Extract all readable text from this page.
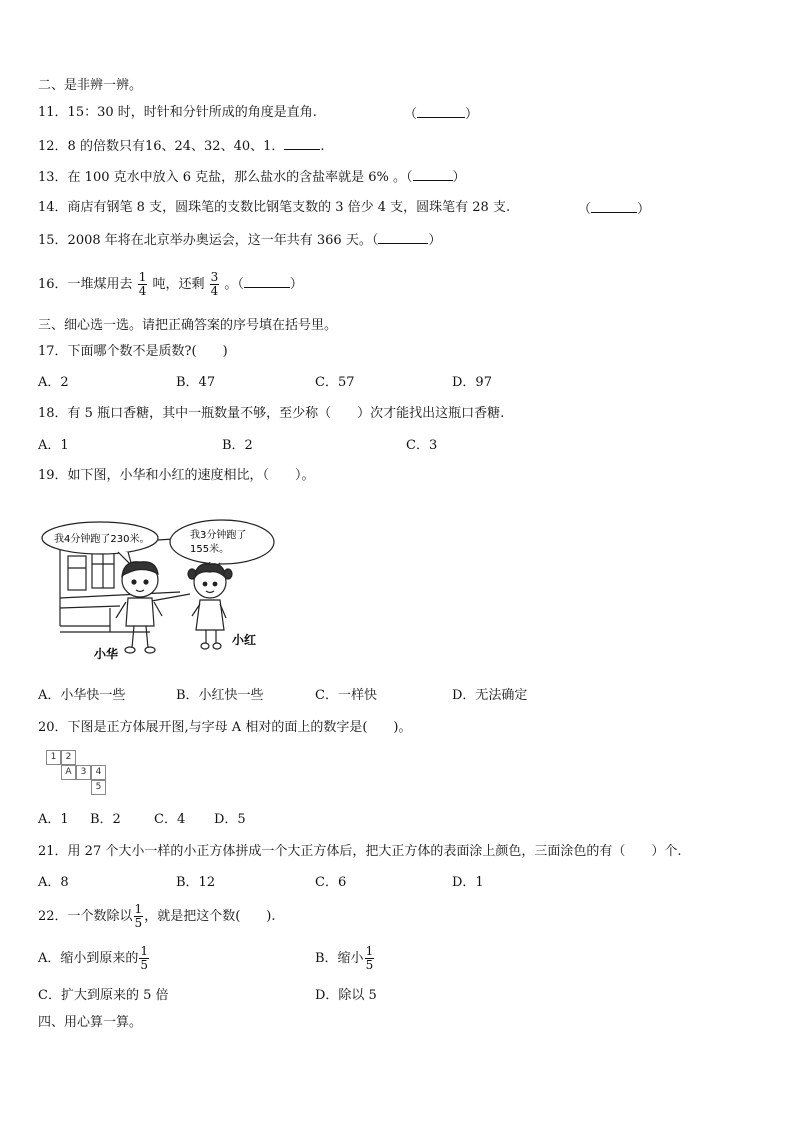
二、是非辨一辨。
11．15：30 时，时针和分针所成的角度是直角.	（	）
12．8 的倍数只有16、24、32、40、1．	.
13．在 100 克水中放入 6 克盐，那么盐水的含盐率就是 6% 。（	）
14．商店有钢笔 8 支，圆珠笔的支数比钢笔支数的 3 倍少 4 支，圆珠笔有 28 支.	（	）
15．2008 年将在北京举办奥运会，这一年共有 366 天。（	）
16．一堆煤用去 $\frac{1}{4}$ 吨，还剩 $\frac{3}{4}$ 。（	）
三、细心选一选。请把正确答案的序号填在括号里。
17．下面哪个数不是质数?(　　)
A．2	B．47	C．57	D．97
18．有 5 瓶口香糖，其中一瓶数量不够，至少称（　　）次才能找出这瓶口香糖.
A．1	B．2	C．3
19．如下图，小华和小红的速度相比，（　　）。
我4分钟跑了230米。	我3分钟跑了
155米。
小华
小红
A．小华快一些	B．小红快一些	C．一样快	D．无法确定
20．下图是正方体展开图,与字母 A 相对的面上的数字是(　　)。
1	2
A	3	4
5
A．1 B．2	C．4 D．5
21．用 27 个大小一样的小正方体拼成一个大正方体后，把大正方体的表面涂上颜色，三面涂色的有（　　）个.
A．8	B．12	C．6	D．1
22．一个数除以 $\frac{1}{5}$ ，就是把这个数(　　).
A．缩小到原来的 $\frac{1}{5}$	B．缩小 $\frac{1}{5}$
C．扩大到原来的 5 倍	D．除以 5
四、用心算一算。
